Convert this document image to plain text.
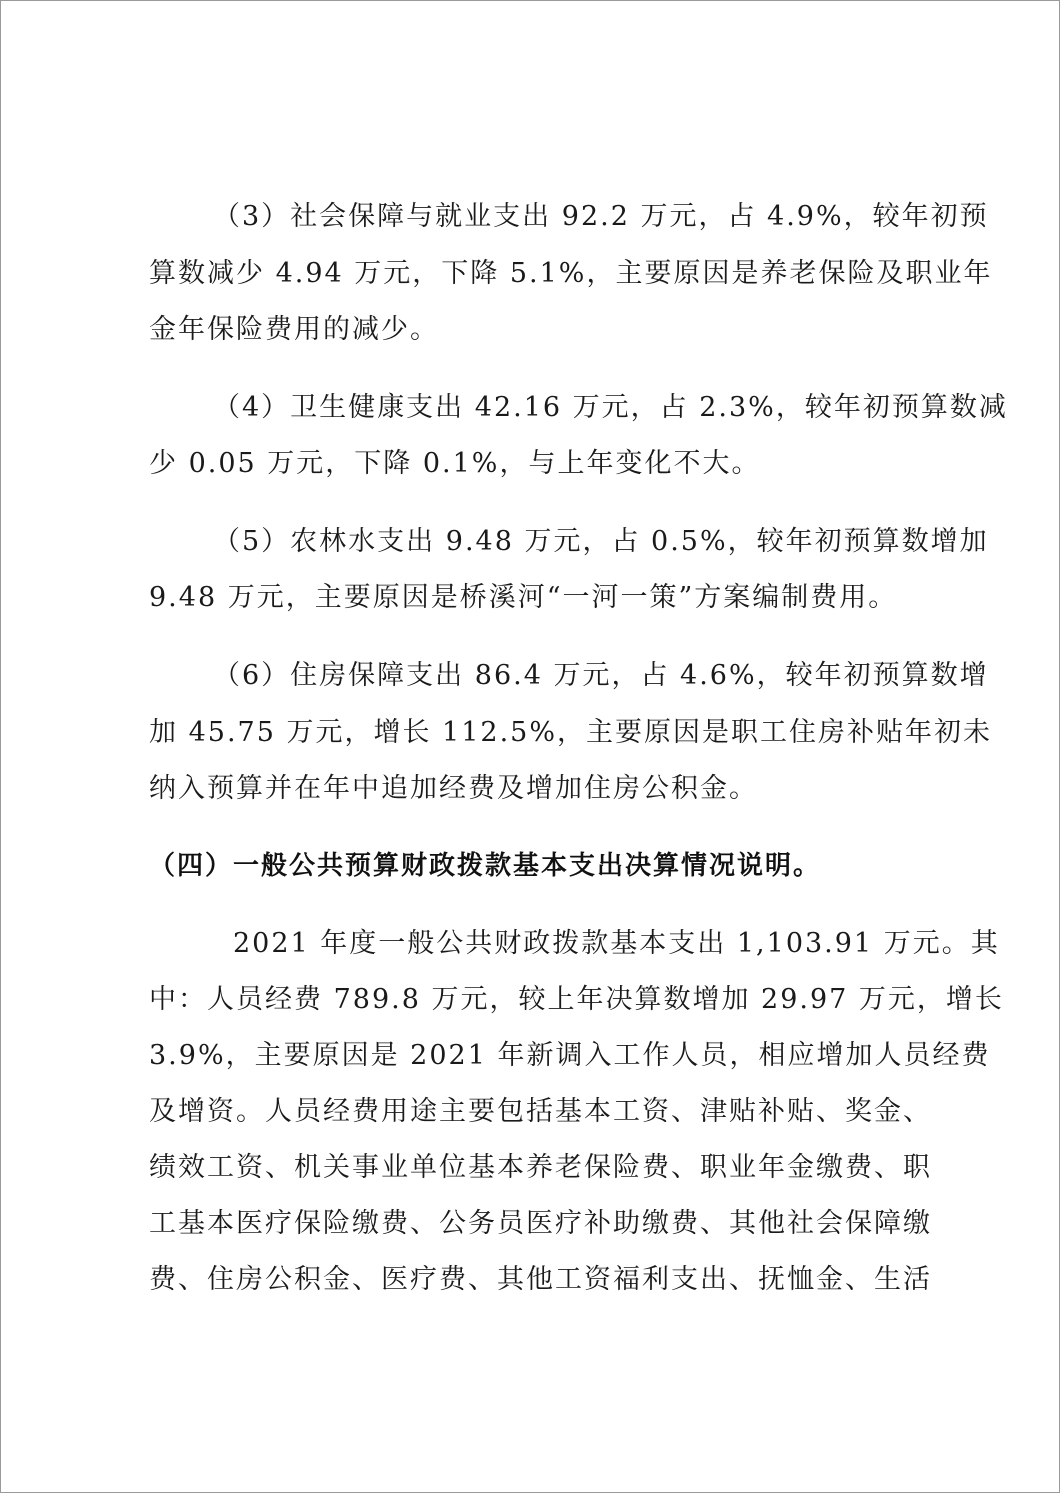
（3）社会保障与就业支出 92.2 万元，占 4.9%，较年初预

算数减少 4.94 万元，下降 5.1%，主要原因是养老保险及职业年

金年保险费用的减少。

（4）卫生健康支出 42.16 万元，占 2.3%，较年初预算数减

少 0.05 万元，下降 0.1%，与上年变化不大。

（5）农林水支出 9.48 万元，占 0.5%，较年初预算数增加

9.48 万元，主要原因是桥溪河“一河一策”方案编制费用。

（6）住房保障支出 86.4 万元，占 4.6%，较年初预算数增

加 45.75 万元，增长 112.5%，主要原因是职工住房补贴年初未

纳入预算并在年中追加经费及增加住房公积金。

（四）一般公共预算财政拨款基本支出决算情况说明。

2021 年度一般公共财政拨款基本支出 1,103.91 万元。其

中：人员经费 789.8 万元，较上年决算数增加 29.97 万元，增长

3.9%，主要原因是 2021 年新调入工作人员，相应增加人员经费

及增资。人员经费用途主要包括基本工资、津贴补贴、奖金、

绩效工资、机关事业单位基本养老保险费、职业年金缴费、职

工基本医疗保险缴费、公务员医疗补助缴费、其他社会保障缴

费、住房公积金、医疗费、其他工资福利支出、抚恤金、生活
